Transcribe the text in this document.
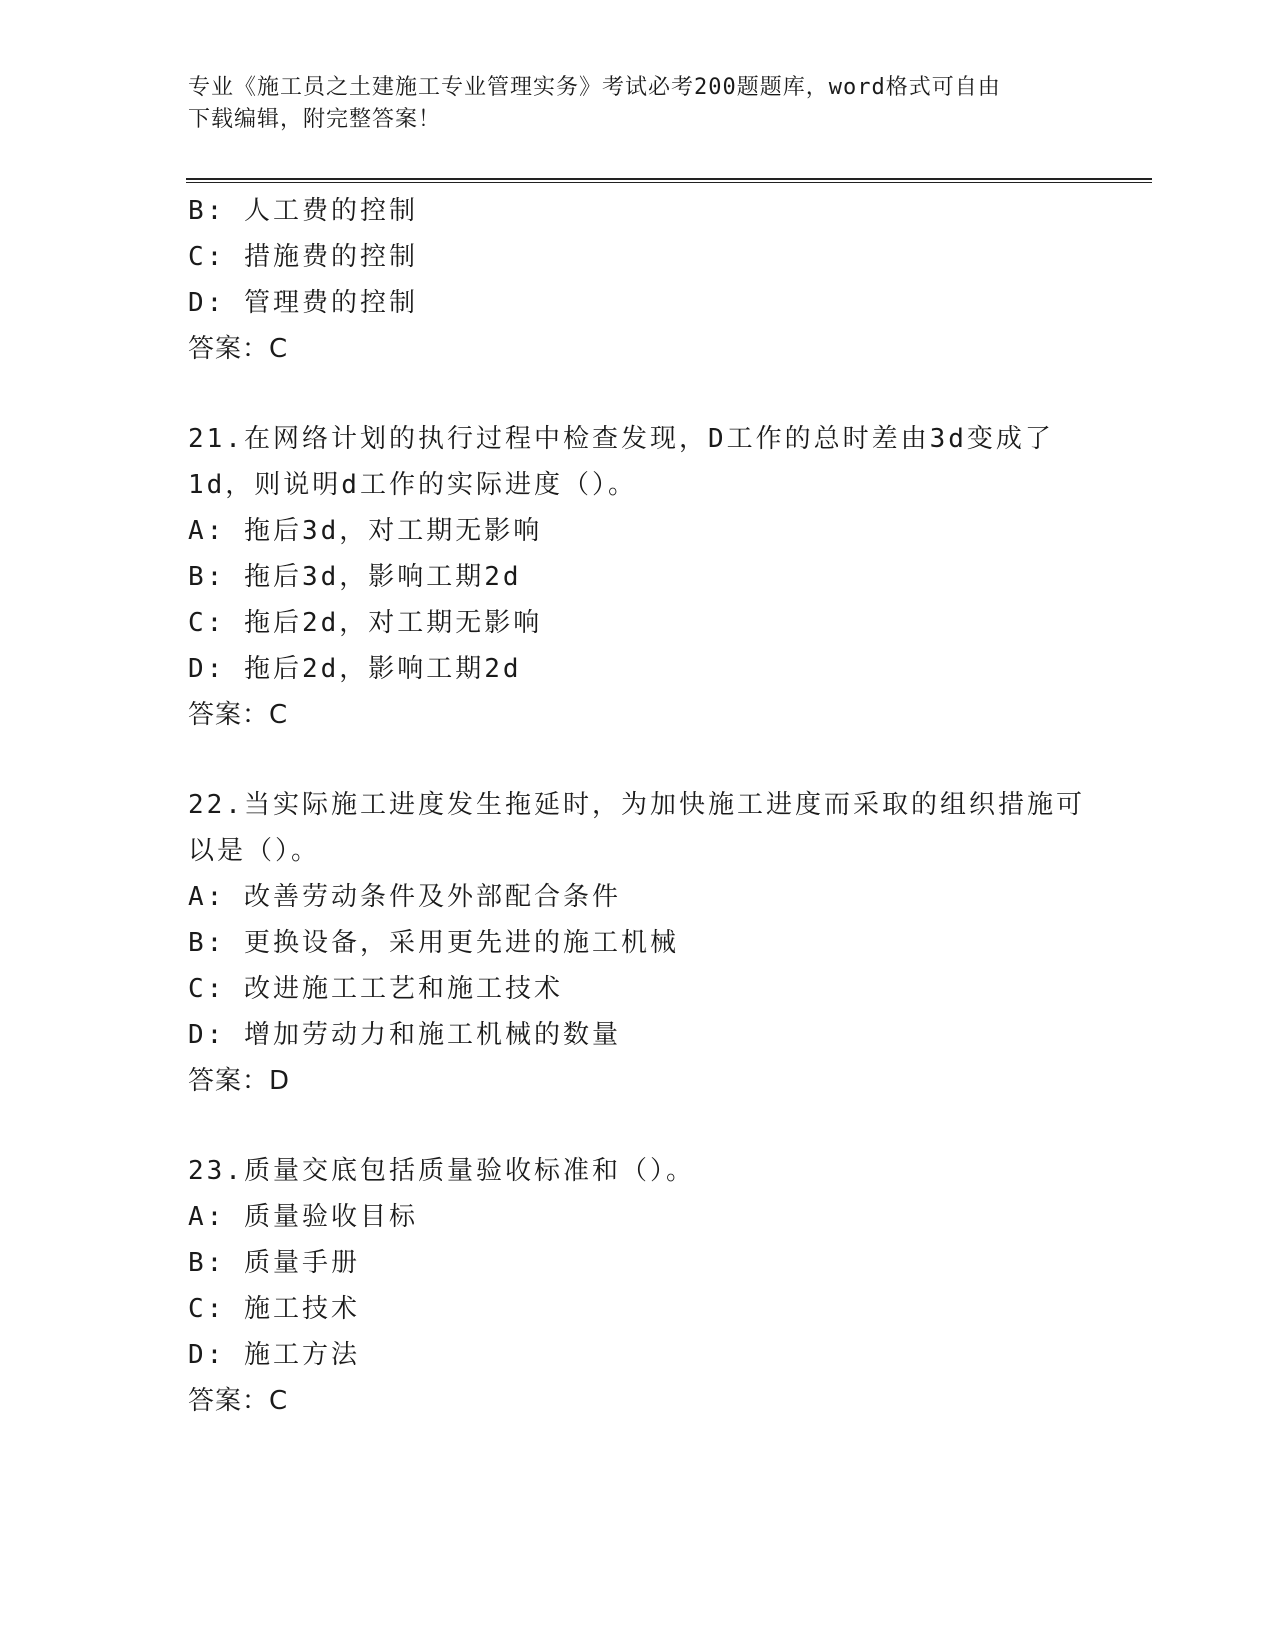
专业《施工员之土建施工专业管理实务》考试必考200题题库，word格式可自由
下载编辑，附完整答案！
B: 人工费的控制
C: 措施费的控制
D: 管理费的控制
答案：C
21.在网络计划的执行过程中检查发现，D工作的总时差由3d变成了
1d，则说明d工作的实际进度（）。
A: 拖后3d，对工期无影响
B: 拖后3d，影响工期2d
C: 拖后2d，对工期无影响
D: 拖后2d，影响工期2d
答案：C
22.当实际施工进度发生拖延时，为加快施工进度而采取的组织措施可
以是（）。
A: 改善劳动条件及外部配合条件
B: 更换设备，采用更先进的施工机械
C: 改进施工工艺和施工技术
D: 增加劳动力和施工机械的数量
答案：D
23.质量交底包括质量验收标准和（）。
A: 质量验收目标
B: 质量手册
C: 施工技术
D: 施工方法
答案：C
